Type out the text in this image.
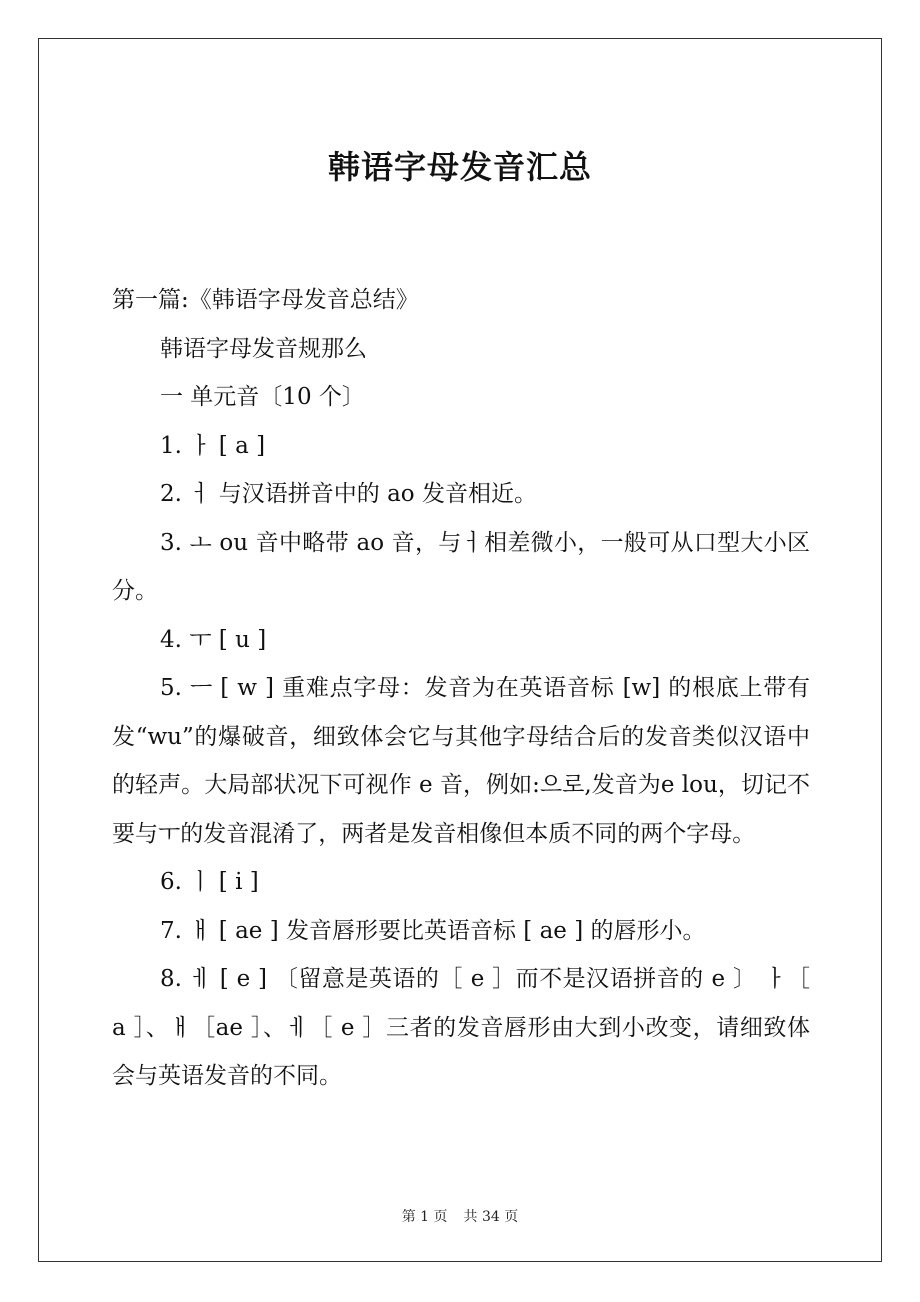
韩语字母发音汇总

第一篇:《韩语字母发音总结》

韩语字母发音规那么

一 单元音〔10 个〕

1. ㅏ [ a ]

2. ㅓ 与汉语拼音中的 ao 发音相近。

3. ㅗ ou 音中略带 ao 音，与ㅓ相差微小，一般可从口型大小区分。

4. ㅜ [ u ]

5. ㅡ [ w ] 重难点字母：发音为在英语音标 [w] 的根底上带有发“wu”的爆破音，细致体会它与其他字母结合后的发音类似汉语中的轻声。大局部状况下可视作 e 音，例如:으로,发音为e lou，切记不要与ㅜ的发音混淆了，两者是发音相像但本质不同的两个字母。

6. ㅣ [ i ]

7. ㅐ [ ae ] 发音唇形要比英语音标 [ ae ] 的唇形小。

8. ㅔ [ e ] 〔留意是英语的［ e ］而不是汉语拼音的 e 〕 ㅏ［ a ］、ㅐ［ae ］、ㅔ［ e ］三者的发音唇形由大到小改变，请细致体会与英语发音的不同。

第 1 页 共 34 页
